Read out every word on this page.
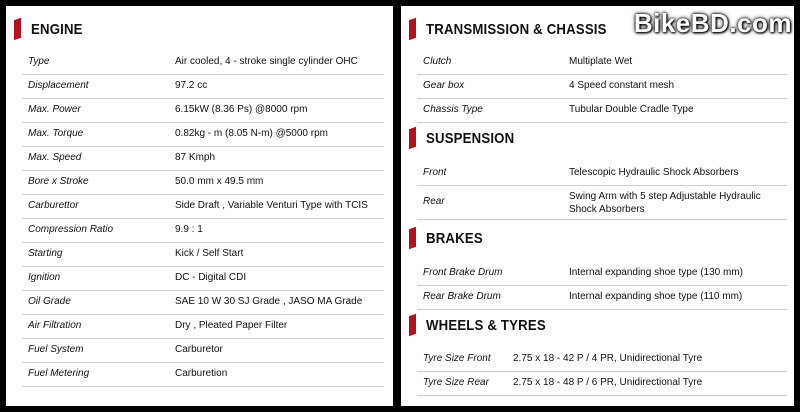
ENGINE
Type	Air cooled, 4 - stroke single cylinder OHC
Displacement	97.2 cc
Max. Power	6.15kW (8.36 Ps) @8000 rpm
Max. Torque	0.82kg - m (8.05 N-m) @5000 rpm
Max. Speed	87 Kmph
Bore x Stroke	50.0 mm x 49.5 mm
Carburettor	Side Draft , Variable Venturi Type with TCIS
Compression Ratio	9.9 : 1
Starting	Kick / Self Start
Ignition	DC - Digital CDI
Oil Grade	SAE 10 W 30 SJ Grade , JASO MA Grade
Air Filtration	Dry , Pleated Paper Filter
Fuel System	Carburetor
Fuel Metering	Carburetion
TRANSMISSION & CHASSIS
SUSPENSION
BRAKES
WHEELS & TYRES
Clutch	Multiplate Wet
Gear box	4 Speed constant mesh
Chassis Type	Tubular Double Cradle Type
Front	Telescopic Hydraulic Shock Absorbers
Rear	Swing Arm with 5 step Adjustable Hydraulic Shock Absorbers
Front Brake Drum	Internal expanding shoe type (130 mm)
Rear Brake Drum	Internal expanding shoe type (110 mm)
Tyre Size Front 2.75 x 18 - 42 P / 4 PR, Unidirectional Tyre
Tyre Size Rear 2.75 x 18 - 48 P / 6 PR, Unidirectional Tyre
BikeBD.com
